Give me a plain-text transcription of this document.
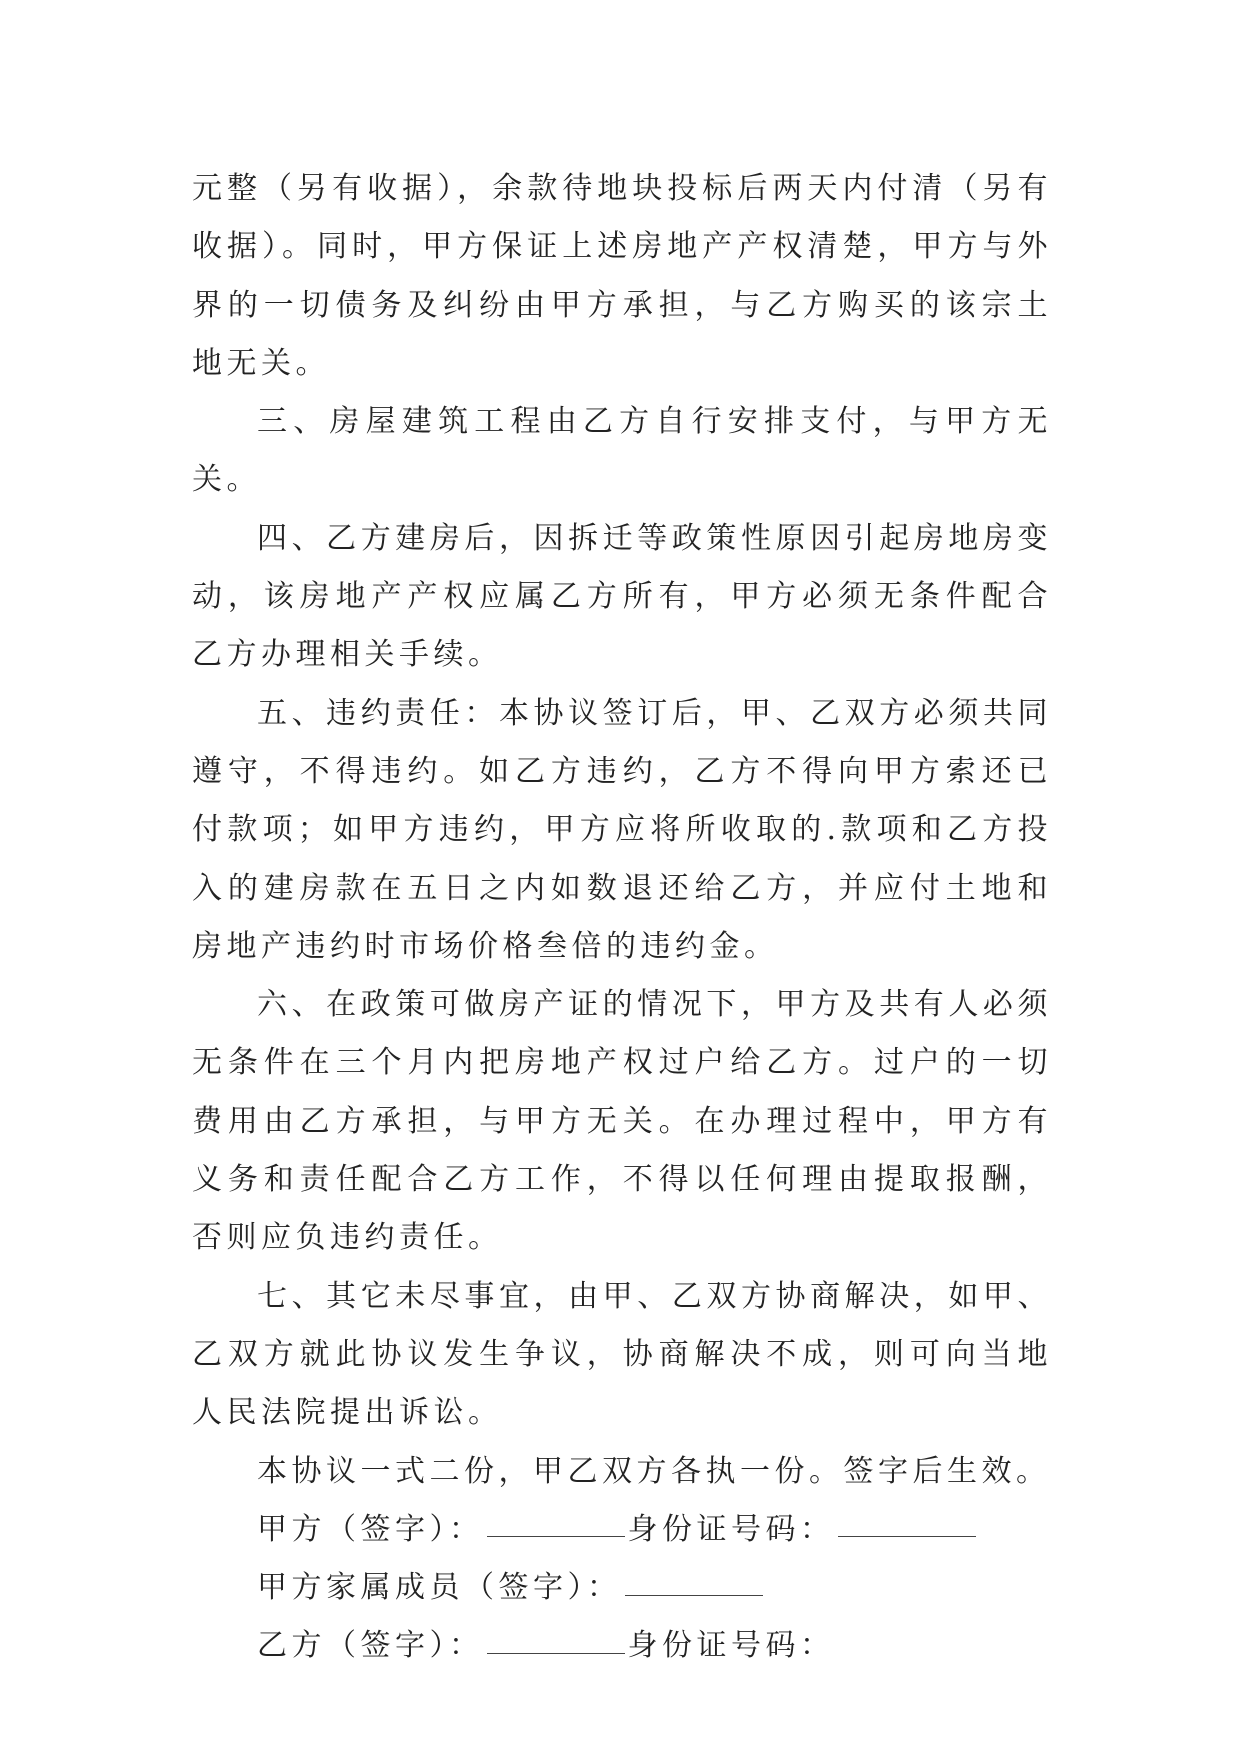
元整（另有收据），余款待地块投标后两天内付清（另有收据）。同时，甲方保证上述房地产产权清楚，甲方与外界的一切债务及纠纷由甲方承担，与乙方购买的该宗土地无关。

三、房屋建筑工程由乙方自行安排支付，与甲方无关。

四、乙方建房后，因拆迁等政策性原因引起房地房变动，该房地产产权应属乙方所有，甲方必须无条件配合乙方办理相关手续。

五、违约责任：本协议签订后，甲、乙双方必须共同遵守，不得违约。如乙方违约，乙方不得向甲方索还已付款项；如甲方违约，甲方应将所收取的.款项和乙方投入的建房款在五日之内如数退还给乙方，并应付土地和房地产违约时市场价格叁倍的违约金。

六、在政策可做房产证的情况下，甲方及共有人必须无条件在三个月内把房地产权过户给乙方。过户的一切费用由乙方承担，与甲方无关。在办理过程中，甲方有义务和责任配合乙方工作，不得以任何理由提取报酬，否则应负违约责任。

七、其它未尽事宜，由甲、乙双方协商解决，如甲、乙双方就此协议发生争议，协商解决不成，则可向当地人民法院提出诉讼。

本协议一式二份，甲乙双方各执一份。签字后生效。

甲方（签字）：	身份证号码：
甲方家属成员（签字）：
乙方（签字）：	身份证号码：
